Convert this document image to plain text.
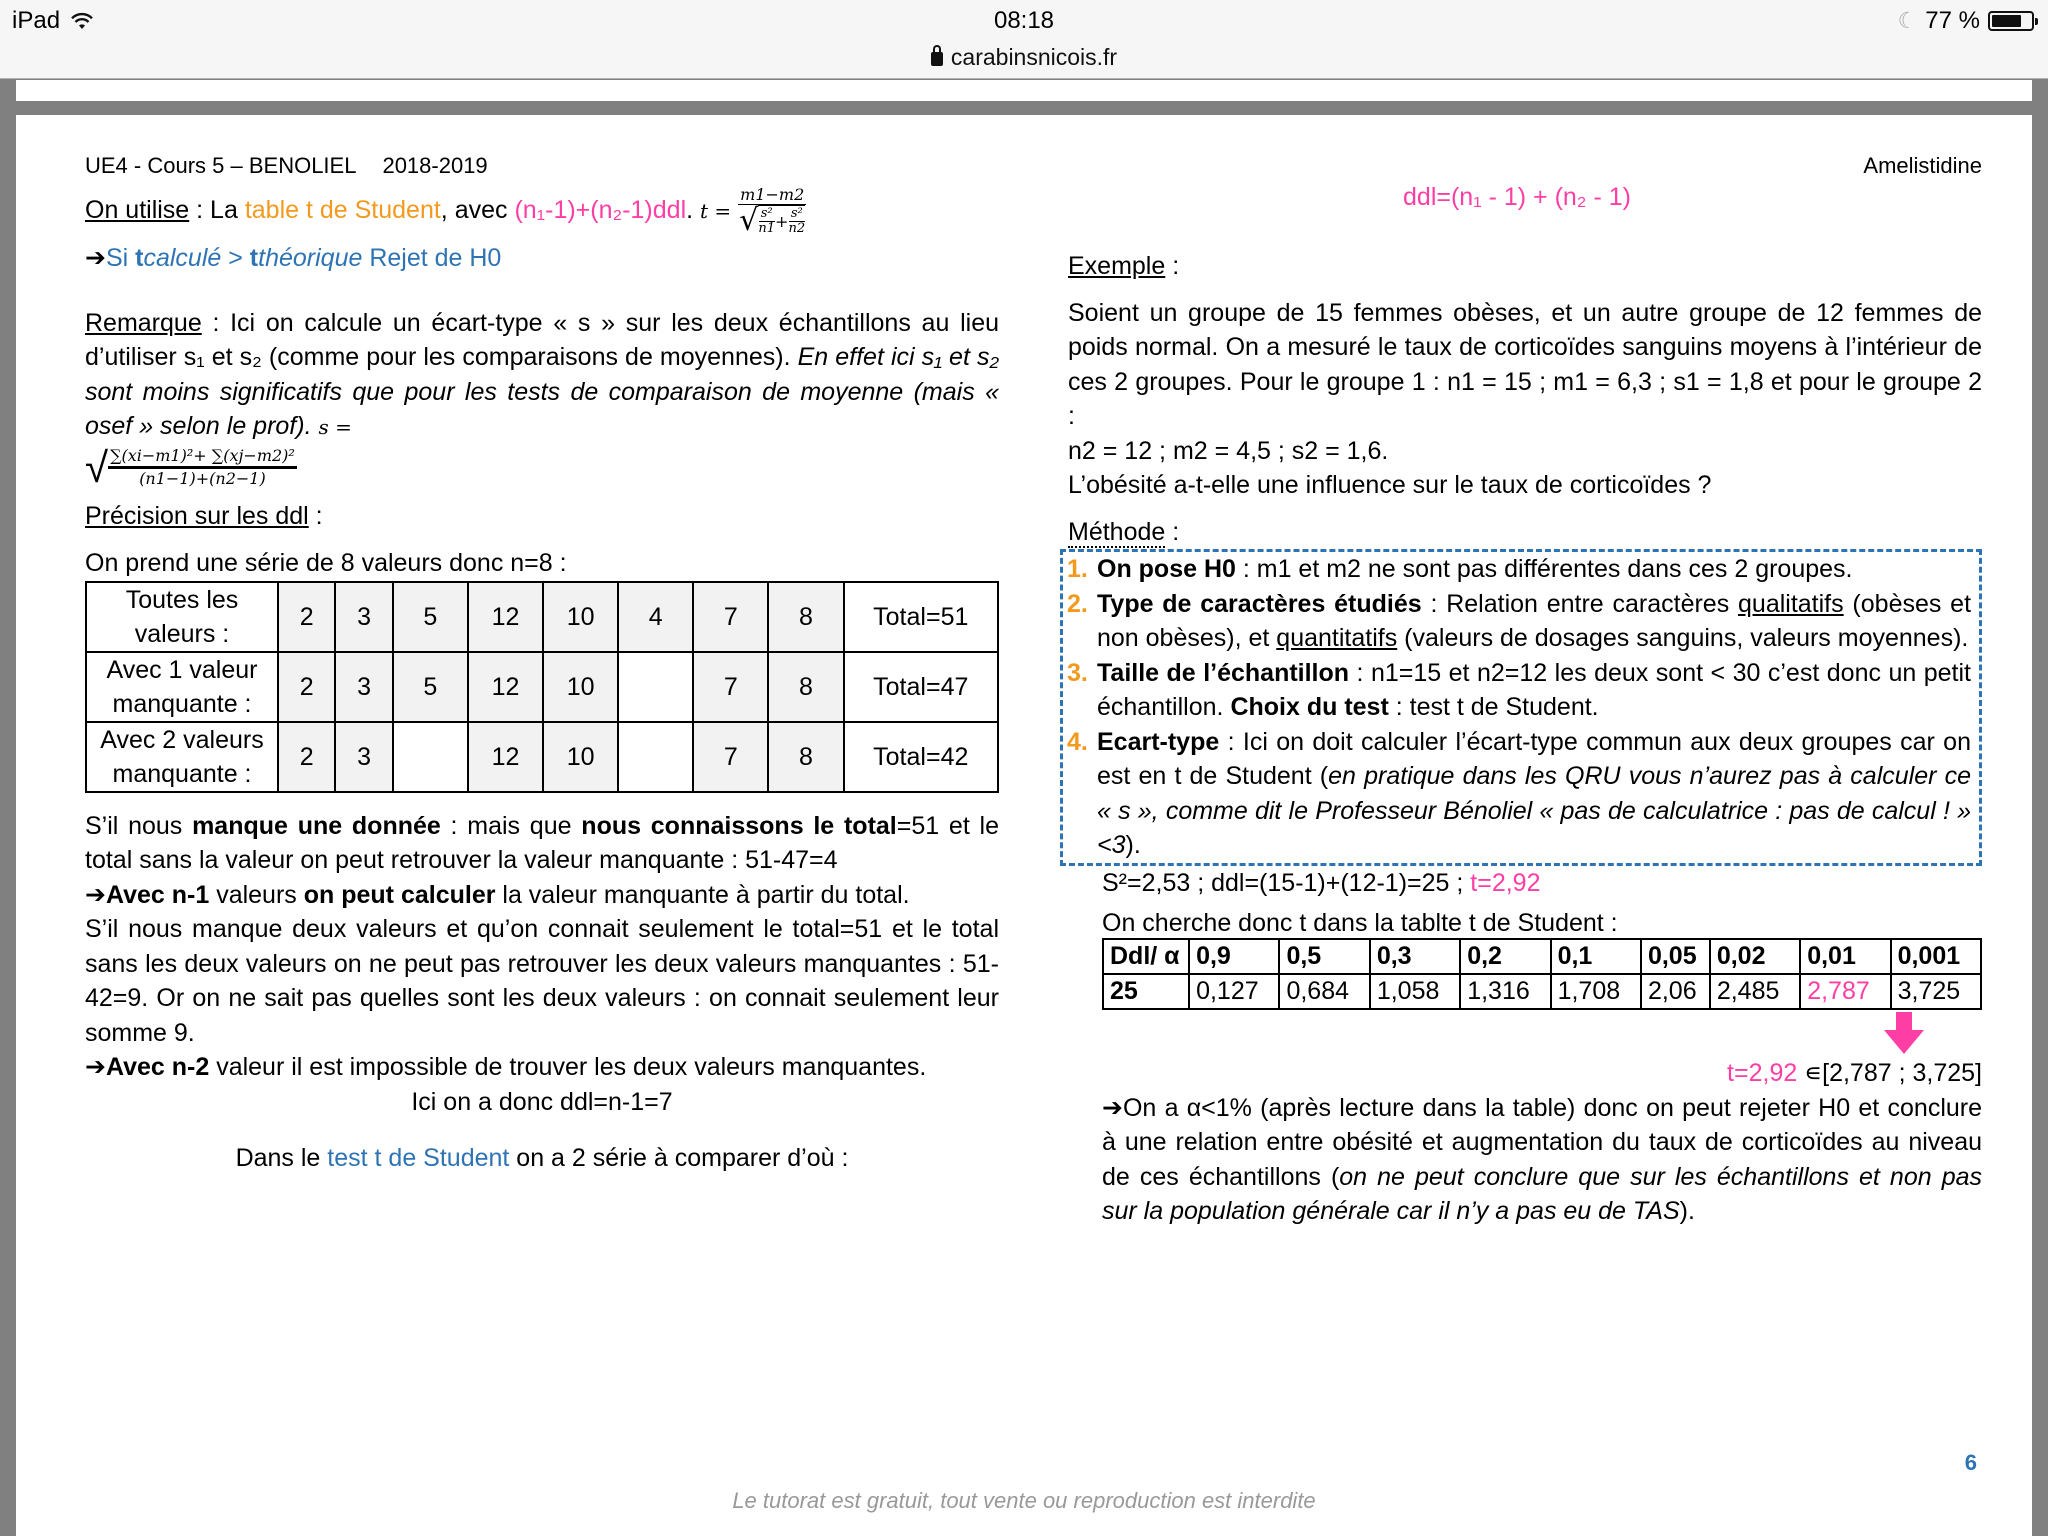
iPad	08:18	☾ 77 %
carabinsnicois.fr
UE4 - Cours 5 – BENOLIEL 2018-2019
On utilise : La table t de Student, avec (n₁-1)+(n₂-1)ddl. $t = \frac{m1-m2}{√ \frac{\text{s²}}{n1} + \frac{\text{s²}}{n2}}$
➔Si tcalculé > tthéorique Rejet de H0
Remarque : Ici on calcule un écart-type « s » sur les deux échantillons au lieu d’utiliser s₁ et s₂ (comme pour les comparaisons de moyennes). En effet ici s₁ et s₂ sont moins significatifs que pour les tests de comparaison de moyenne (mais « osef » selon le prof). s =
√ $\frac{\text{∑(xi−m1)²+ ∑(xj−m2)²}}{(n1-1)+(n2-1)}$
Précision sur les ddl :
On prend une série de 8 valeurs donc n=8 :
Toutes les valeurs :	2	3	5	12	10	4	7	8	Total=51
Avec 1 valeur manquante :	2	3	5	12	10		7	8	Total=47
Avec 2 valeurs manquante :	2	3		12	10		7	8	Total=42
S’il nous manque une donnée : mais que nous connaissons le total=51 et le total sans la valeur on peut retrouver la valeur manquante : 51-47=4
➔Avec n-1 valeurs on peut calculer la valeur manquante à partir du total.
S’il nous manque deux valeurs et qu’on connait seulement le total=51 et le total sans les deux valeurs on ne peut pas retrouver les deux valeurs manquantes : 51-42=9. Or on ne sait pas quelles sont les deux valeurs : on connait seulement leur somme 9.
➔Avec n-2 valeur il est impossible de trouver les deux valeurs manquantes.
Ici on a donc ddl=n-1=7
Dans le test t de Student on a 2 série à comparer d’où :
Amelistidine
ddl=(n₁ - 1) + (n₂ - 1)
Exemple :
Soient un groupe de 15 femmes obèses, et un autre groupe de 12 femmes de poids normal. On a mesuré le taux de corticoïdes sanguins moyens à l’intérieur de ces 2 groupes. Pour le groupe 1 : n1 = 15 ; m1 = 6,3 ; s1 = 1,8 et pour le groupe 2 :
n2 = 12 ; m2 = 4,5 ; s2 = 1,6.
L’obésité a-t-elle une influence sur le taux de corticoïdes ?
Méthode :
1. On pose H0 : m1 et m2 ne sont pas différentes dans ces 2 groupes.
2. Type de caractères étudiés : Relation entre caractères qualitatifs (obèses et non obèses), et quantitatifs (valeurs de dosages sanguins, valeurs moyennes).
3. Taille de l’échantillon : n1=15 et n2=12 les deux sont < 30 c’est donc un petit échantillon. Choix du test : test t de Student.
4. Ecart-type : Ici on doit calculer l’écart-type commun aux deux groupes car on est en t de Student (en pratique dans les QRU vous n’aurez pas à calculer ce « s », comme dit le Professeur Bénoliel « pas de calculatrice : pas de calcul ! » <3).
S²=2,53 ; ddl=(15-1)+(12-1)=25 ; t=2,92
On cherche donc t dans la tablte t de Student :
Ddl/ α	0,9	0,5	0,3	0,2	0,1	0,05	0,02	0,01	0,001
25	0,127	0,684	1,058	1,316	1,708	2,06	2,485	2,787	3,725
t=2,92 ∊[2,787 ; 3,725]
➔On a α<1% (après lecture dans la table) donc on peut rejeter H0 et conclure à une relation entre obésité et augmentation du taux de corticoïdes au niveau de ces échantillons (on ne peut conclure que sur les échantillons et non pas sur la population générale car il n’y a pas eu de TAS).
6
Le tutorat est gratuit, tout vente ou reproduction est interdite
